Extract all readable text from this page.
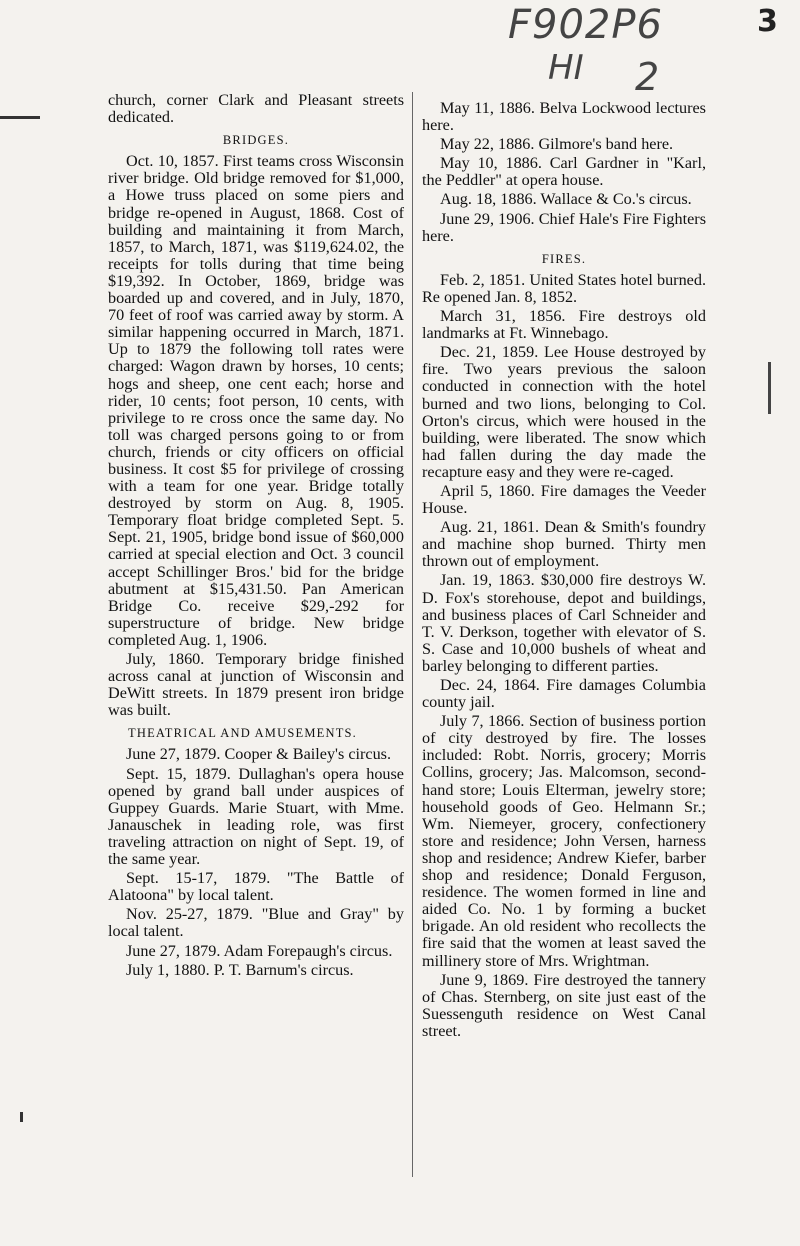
F902P6
HI 2
3

church, corner Clark and Pleasant streets dedicated.

BRIDGES.

Oct. 10, 1857. First teams cross Wisconsin river bridge. Old bridge removed for $1,000, a Howe truss placed on some piers and bridge re-opened in August, 1868. Cost of building and maintaining it from March, 1857, to March, 1871, was $119,624.02, the receipts for tolls during that time being $19,392. In October, 1869, bridge was boarded up and covered, and in July, 1870, 70 feet of roof was carried away by storm. A similar happening occurred in March, 1871. Up to 1879 the following toll rates were charged: Wagon drawn by horses, 10 cents; hogs and sheep, one cent each; horse and rider, 10 cents; foot person, 10 cents, with privilege to re cross once the same day. No toll was charged persons going to or from church, friends or city officers on official business. It cost $5 for privilege of crossing with a team for one year. Bridge totally destroyed by storm on Aug. 8, 1905. Temporary float bridge completed Sept. 5. Sept. 21, 1905, bridge bond issue of $60,000 carried at special election and Oct. 3 council accept Schillinger Bros.' bid for the bridge abutment at $15,431.50. Pan American Bridge Co. receive $29,-292 for superstructure of bridge. New bridge completed Aug. 1, 1906.

July, 1860. Temporary bridge finished across canal at junction of Wisconsin and DeWitt streets. In 1879 present iron bridge was built.

THEATRICAL AND AMUSEMENTS.

June 27, 1879. Cooper & Bailey's circus.

Sept. 15, 1879. Dullaghan's opera house opened by grand ball under auspices of Guppey Guards. Marie Stuart, with Mme. Janauschek in leading role, was first traveling attraction on night of Sept. 19, of the same year.

Sept. 15-17, 1879. "The Battle of Alatoona" by local talent.

Nov. 25-27, 1879. "Blue and Gray" by local talent.

June 27, 1879. Adam Forepaugh's circus.

July 1, 1880. P. T. Barnum's circus.

May 11, 1886. Belva Lockwood lectures here.

May 22, 1886. Gilmore's band here.

May 10, 1886. Carl Gardner in "Karl, the Peddler" at opera house.

Aug. 18, 1886. Wallace & Co.'s circus.

June 29, 1906. Chief Hale's Fire Fighters here.

FIRES.

Feb. 2, 1851. United States hotel burned. Re opened Jan. 8, 1852.

March 31, 1856. Fire destroys old landmarks at Ft. Winnebago.

Dec. 21, 1859. Lee House destroyed by fire. Two years previous the saloon conducted in connection with the hotel burned and two lions, belonging to Col. Orton's circus, which were housed in the building, were liberated. The snow which had fallen during the day made the recapture easy and they were re-caged.

April 5, 1860. Fire damages the Veeder House.

Aug. 21, 1861. Dean & Smith's foundry and machine shop burned. Thirty men thrown out of employment.

Jan. 19, 1863. $30,000 fire destroys W. D. Fox's storehouse, depot and buildings, and business places of Carl Schneider and T. V. Derkson, together with elevator of S. S. Case and 10,000 bushels of wheat and barley belonging to different parties.

Dec. 24, 1864. Fire damages Columbia county jail.

July 7, 1866. Section of business portion of city destroyed by fire. The losses included: Robt. Norris, grocery; Morris Collins, grocery; Jas. Malcomson, second-hand store; Louis Elterman, jewelry store; household goods of Geo. Helmann Sr.; Wm. Niemeyer, grocery, confectionery store and residence; John Versen, harness shop and residence; Andrew Kiefer, barber shop and residence; Donald Ferguson, residence. The women formed in line and aided Co. No. 1 by forming a bucket brigade. An old resident who recollects the fire said that the women at least saved the millinery store of Mrs. Wrightman.

June 9, 1869. Fire destroyed the tannery of Chas. Sternberg, on site just east of the Suessenguth residence on West Canal street.
